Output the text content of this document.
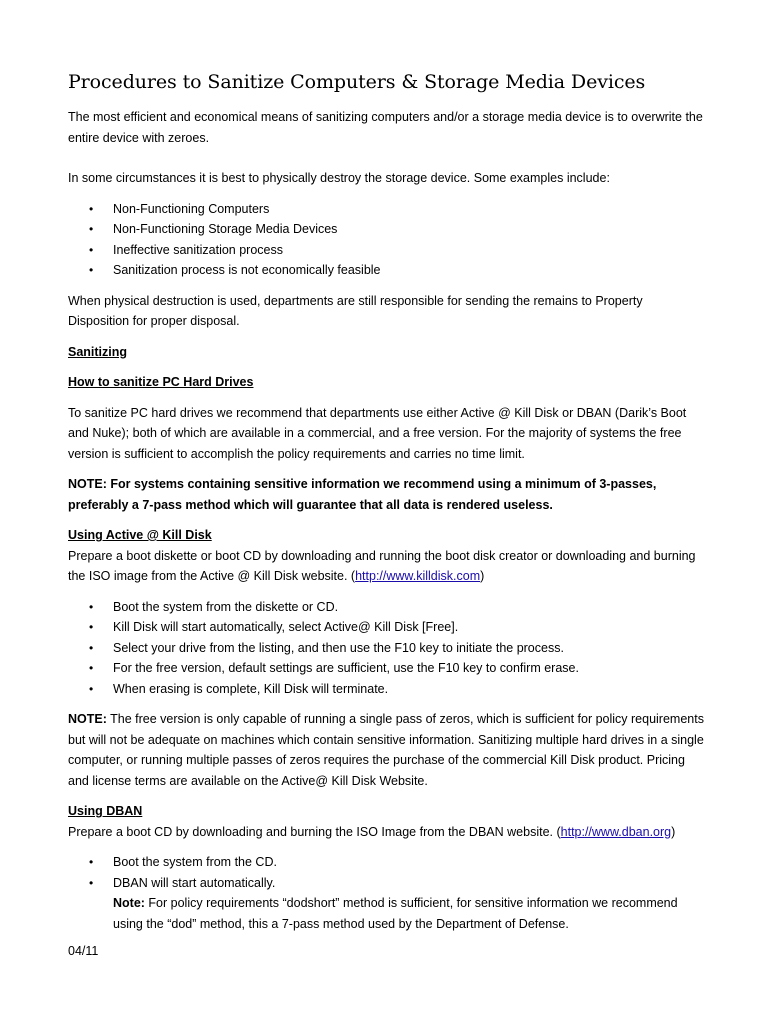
Procedures to Sanitize Computers & Storage Media Devices

The most efficient and economical means of sanitizing computers and/or a storage media device is to overwrite the entire device with zeroes.

In some circumstances it is best to physically destroy the storage device. Some examples include:

• Non-Functioning Computers
• Non-Functioning Storage Media Devices
• Ineffective sanitization process
• Sanitization process is not economically feasible

When physical destruction is used, departments are still responsible for sending the remains to Property Disposition for proper disposal.

Sanitizing
How to sanitize PC Hard Drives

To sanitize PC hard drives we recommend that departments use either Active @ Kill Disk or DBAN (Darik’s Boot and Nuke); both of which are available in a commercial, and a free version. For the majority of systems the free version is sufficient to accomplish the policy requirements and carries no time limit.

NOTE: For systems containing sensitive information we recommend using a minimum of 3-passes, preferably a 7-pass method which will guarantee that all data is rendered useless.

Using Active @ Kill Disk

Prepare a boot diskette or boot CD by downloading and running the boot disk creator or downloading and burning the ISO image from the Active @ Kill Disk website. (http://www.killdisk.com)

• Boot the system from the diskette or CD.
• Kill Disk will start automatically, select Active@ Kill Disk [Free].
• Select your drive from the listing, and then use the F10 key to initiate the process.
• For the free version, default settings are sufficient, use the F10 key to confirm erase.
• When erasing is complete, Kill Disk will terminate.

NOTE: The free version is only capable of running a single pass of zeros, which is sufficient for policy requirements but will not be adequate on machines which contain sensitive information. Sanitizing multiple hard drives in a single computer, or running multiple passes of zeros requires the purchase of the commercial Kill Disk product. Pricing and license terms are available on the Active@ Kill Disk Website.

Using DBAN

Prepare a boot CD by downloading and burning the ISO Image from the DBAN website. (http://www.dban.org)

• Boot the system from the CD.
• DBAN will start automatically.
Note: For policy requirements “dodshort” method is sufficient, for sensitive information we recommend using the “dod” method, this a 7-pass method used by the Department of Defense.
04/11
